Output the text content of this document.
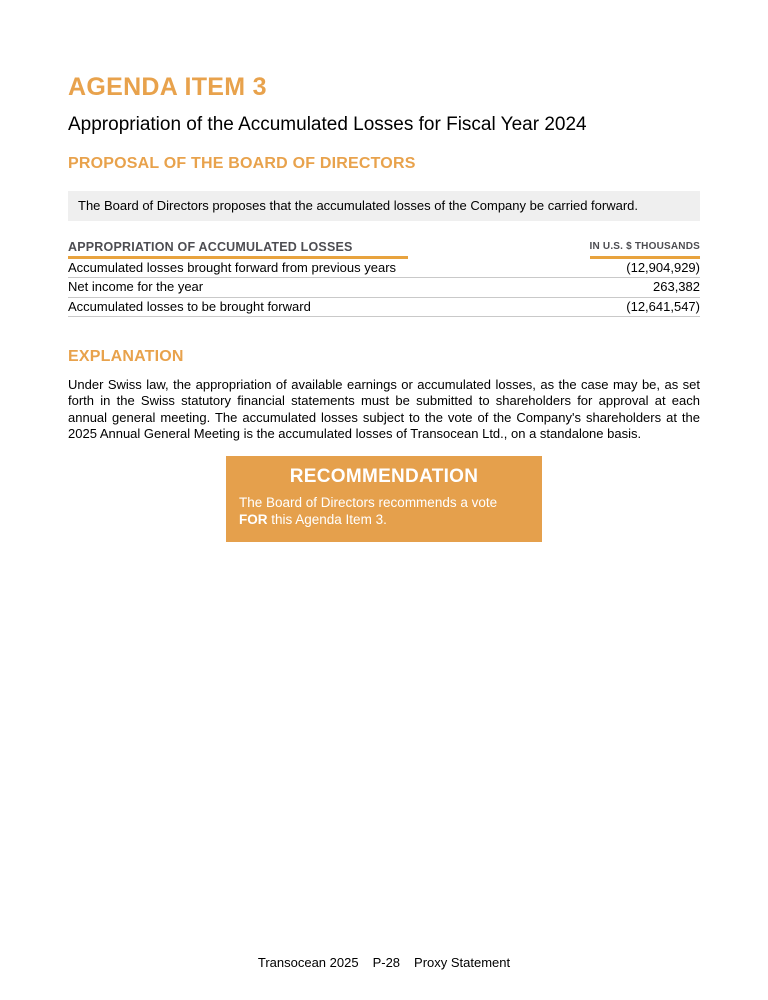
AGENDA ITEM 3
Appropriation of the Accumulated Losses for Fiscal Year 2024
PROPOSAL OF THE BOARD OF DIRECTORS
The Board of Directors proposes that the accumulated losses of the Company be carried forward.
APPROPRIATION OF ACCUMULATED LOSSES	IN U.S. $ THOUSANDS
Accumulated losses brought forward from previous years	(12,904,929)
Net income for the year	263,382
Accumulated losses to be brought forward	(12,641,547)
EXPLANATION

Under Swiss law, the appropriation of available earnings or accumulated losses, as the case may be, as set forth in the Swiss statutory financial statements must be submitted to shareholders for approval at each annual general meeting. The accumulated losses subject to the vote of the Company's shareholders at the 2025 Annual General Meeting is the accumulated losses of Transocean Ltd., on a standalone basis.

RECOMMENDATION

The Board of Directors recommends a vote FOR this Agenda Item 3.

Transocean 2025 P-28 Proxy Statement
